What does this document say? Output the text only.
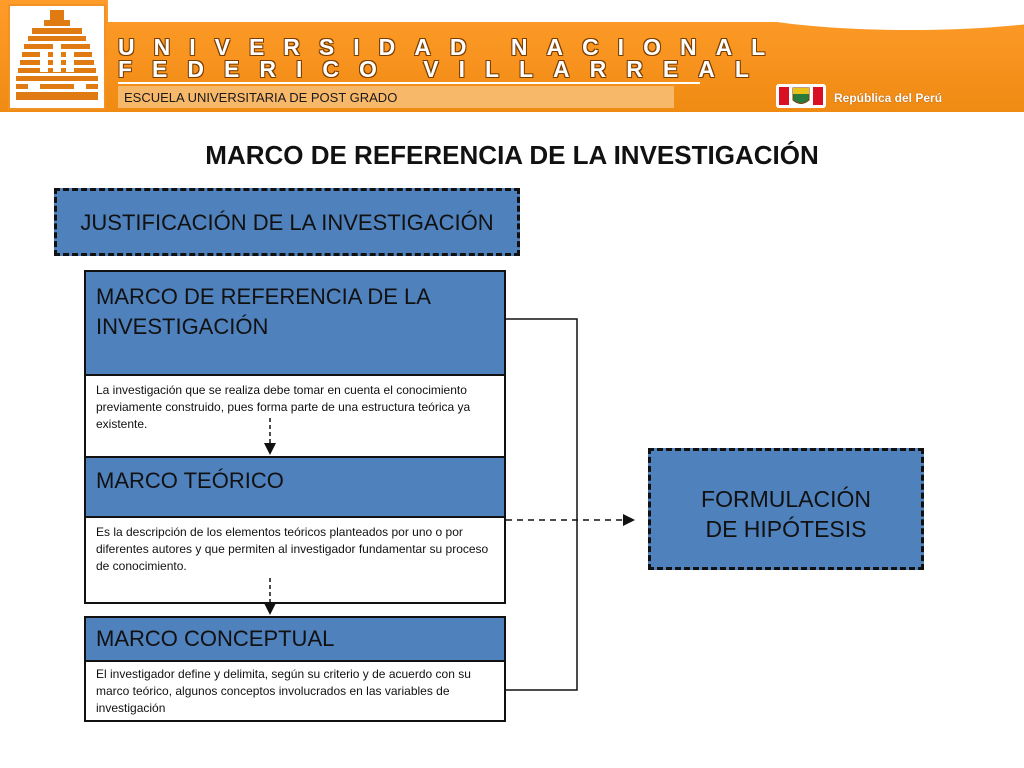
UNIVERSIDAD NACIONAL
FEDERICO VILLARREAL
ESCUELA UNIVERSITARIA DE POST GRADO	República del Perú
MARCO DE REFERENCIA DE LA INVESTIGACIÓN
JUSTIFICACIÓN DE LA INVESTIGACIÓN
MARCO DE REFERENCIA DE LA INVESTIGACIÓN
La investigación que se realiza debe tomar en cuenta el conocimiento previamente construido, pues forma parte de una estructura teórica ya existente.
MARCO TEÓRICO
Es la descripción de los elementos teóricos planteados por uno o por diferentes autores y que permiten al investigador fundamentar su proceso de conocimiento.
MARCO CONCEPTUAL
El investigador define y delimita, según su criterio y de acuerdo con su marco teórico, algunos conceptos involucrados en las variables de investigación
FORMULACIÓN
DE HIPÓTESIS
